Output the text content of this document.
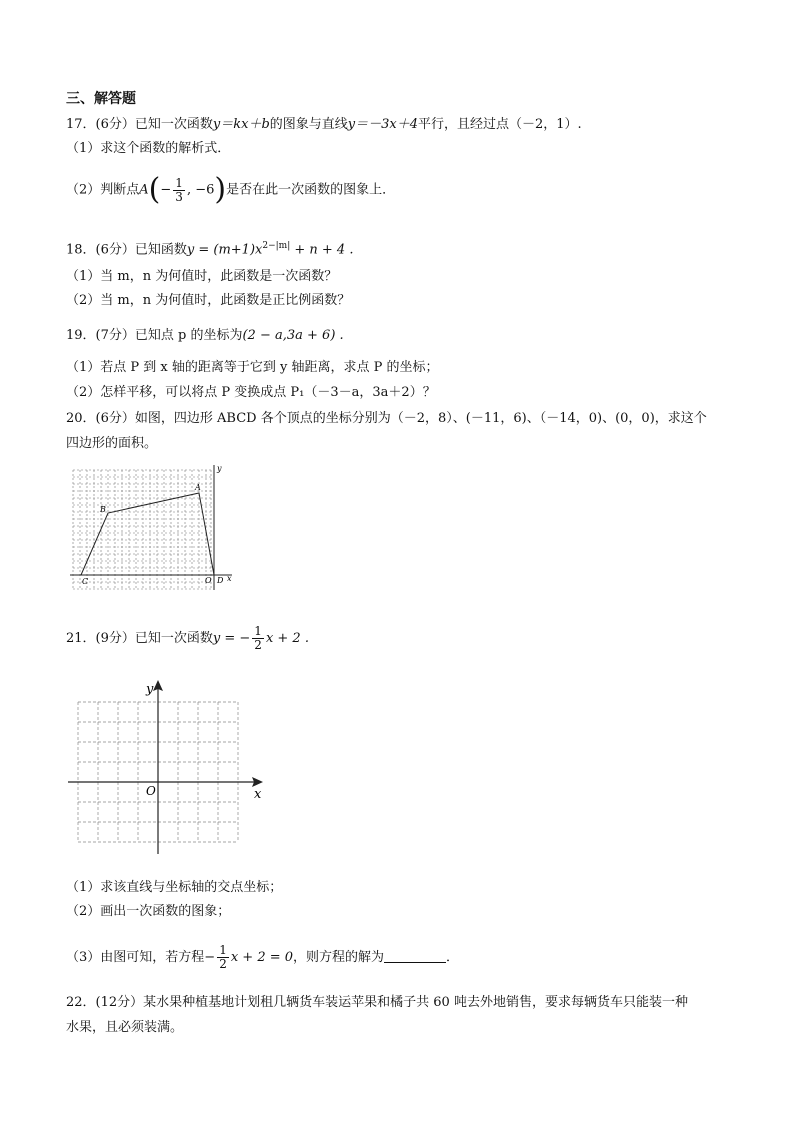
三、解答题
17．(6分）已知一次函数y＝kx＋b的图象与直线y＝－3x＋4平行，且经过点（－2，1）.
（1）求这个函数的解析式．
（2）判断点$A(- \frac{1}{3}$ , −6)是否在此一次函数的图象上．
18．(6分）已知函数$y = (m+1)x^{2-|m|} + n + 4$ .
（1）当 m，n 为何值时，此函数是一次函数？
（2）当 m，n 为何值时，此函数是正比例函数？
19．(7分）已知点 p 的坐标为(2 − a,3a + 6) .
（1）若点 P 到 x 轴的距离等于它到 y 轴距离，求点 P 的坐标；
（2）怎样平移，可以将点 P 变换成点 P₁（－3－a，3a＋2）？
20．(6分）如图，四边形 ABCD 各个顶点的坐标分别为（－2，8）、(－11，6)、（－14，0)、(0，0)，求这个
四边形的面积。
B
A
C	O D x
y
21．(9分）已知一次函数y = − $\frac{1}{2}$ x + 2 .
y
x
O
（1）求该直线与坐标轴的交点坐标；
（2）画出一次函数的图象；
（3）由图可知，若方程− $\frac{1}{2}$ x + 2 = 0，则方程的解为	．
22．(12分）某水果种植基地计划租几辆货车装运苹果和橘子共 60 吨去外地销售，要求每辆货车只能装一种
水果，且必须装满。
